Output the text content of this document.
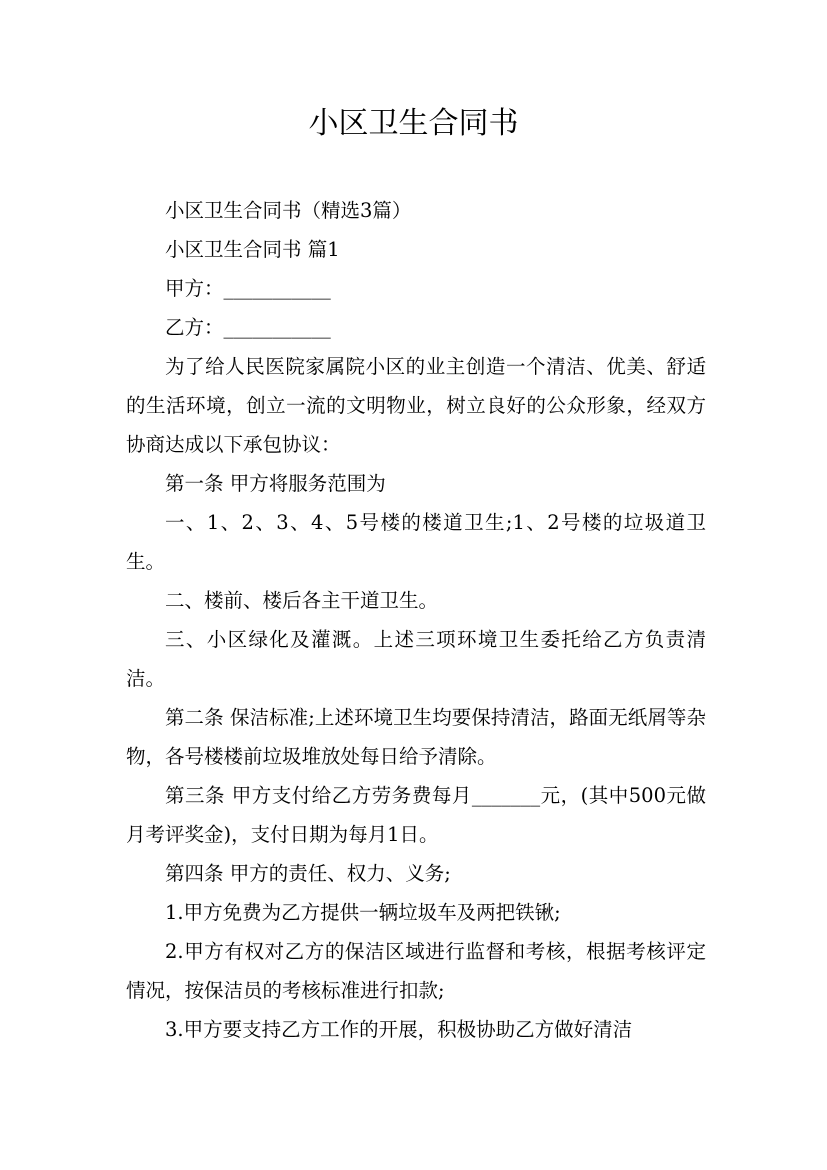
小区卫生合同书

小区卫生合同书（精选3篇）

小区卫生合同书 篇1

甲方：___________

乙方：___________

为了给人民医院家属院小区的业主创造一个清洁、优美、舒适的生活环境，创立一流的文明物业，树立良好的公众形象，经双方协商达成以下承包协议：

第一条 甲方将服务范围为

一、1、2、3、4、5号楼的楼道卫生;1、2号楼的垃圾道卫生。

二、楼前、楼后各主干道卫生。

三、小区绿化及灌溉。上述三项环境卫生委托给乙方负责清洁。

第二条 保洁标准;上述环境卫生均要保持清洁，路面无纸屑等杂物，各号楼楼前垃圾堆放处每日给予清除。

第三条 甲方支付给乙方劳务费每月_______元，(其中500元做月考评奖金)，支付日期为每月1日。

第四条 甲方的责任、权力、义务;

1.甲方免费为乙方提供一辆垃圾车及两把铁锹;

2.甲方有权对乙方的保洁区域进行监督和考核，根据考核评定情况，按保洁员的考核标准进行扣款;

3.甲方要支持乙方工作的开展，积极协助乙方做好清洁
